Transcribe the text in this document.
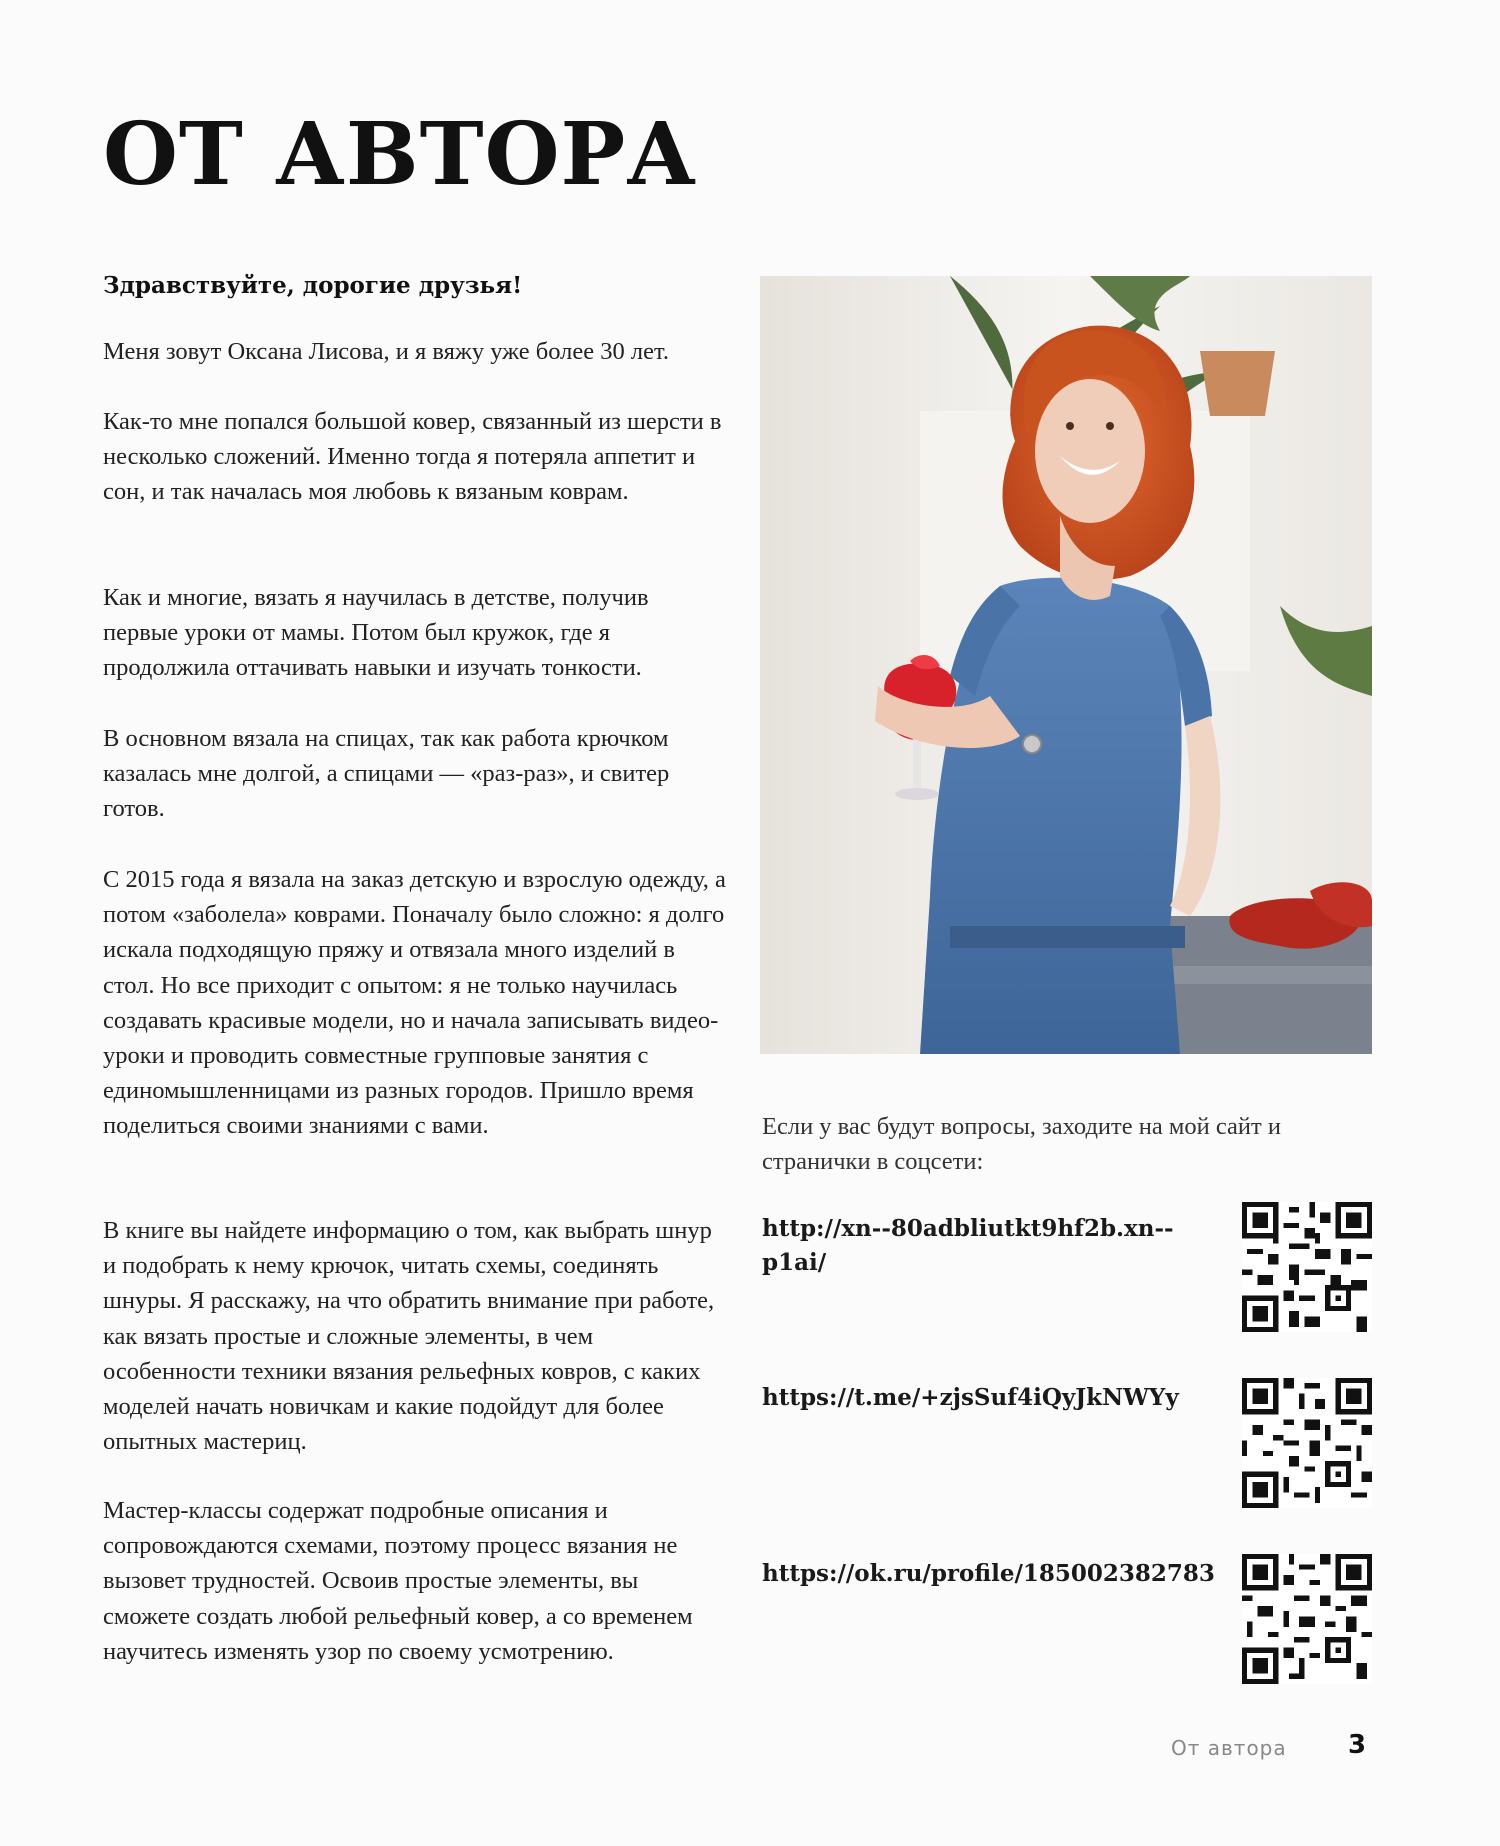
ОТ АВТОРА

Здравствуйте, дорогие друзья!

Меня зовут Оксана Лисова, и я вяжу уже более 30 лет.

Как-то мне попался большой ковер, связанный из шерсти в несколько сложений. Именно тогда я потеряла аппетит и сон, и так началась моя любовь к вязаным коврам.

Как и многие, вязать я научилась в детстве, получив первые уроки от мамы. Потом был кружок, где я продолжила оттачивать навыки и изучать тонкости.

В основном вязала на спицах, так как работа крючком казалась мне долгой, а спицами — «раз-раз», и свитер готов.

С 2015 года я вязала на заказ детскую и взрослую одежду, а потом «заболела» коврами. Поначалу было сложно: я долго искала подходящую пряжу и отвязала много изделий в стол. Но все приходит с опытом: я не только научилась создавать красивые модели, но и начала записывать видео-уроки и проводить совместные групповые занятия с единомышленницами из разных городов. Пришло время поделиться своими знаниями с вами.

В книге вы найдете информацию о том, как выбрать шнур и подобрать к нему крючок, читать схемы, соединять шнуры. Я расскажу, на что обратить внимание при работе, как вязать простые и сложные элементы, в чем особенности техники вязания рельефных ковров, с каких моделей начать новичкам и какие подойдут для более опытных мастериц.

Мастер-классы содержат подробные описания и сопровождаются схемами, поэтому процесс вязания не вызовет трудностей. Освоив простые элементы, вы сможете создать любой рельефный ковер, а со временем научитесь изменять узор по своему усмотрению.

Если у вас будут вопросы, заходите на мой сайт и странички в соцсети:

http://xn--80adbliutkt9hf2b.xn--p1ai/

https://t.me/+zjsSuf4iQyJkNWYy

https://ok.ru/profile/185002382783

От автора 3
